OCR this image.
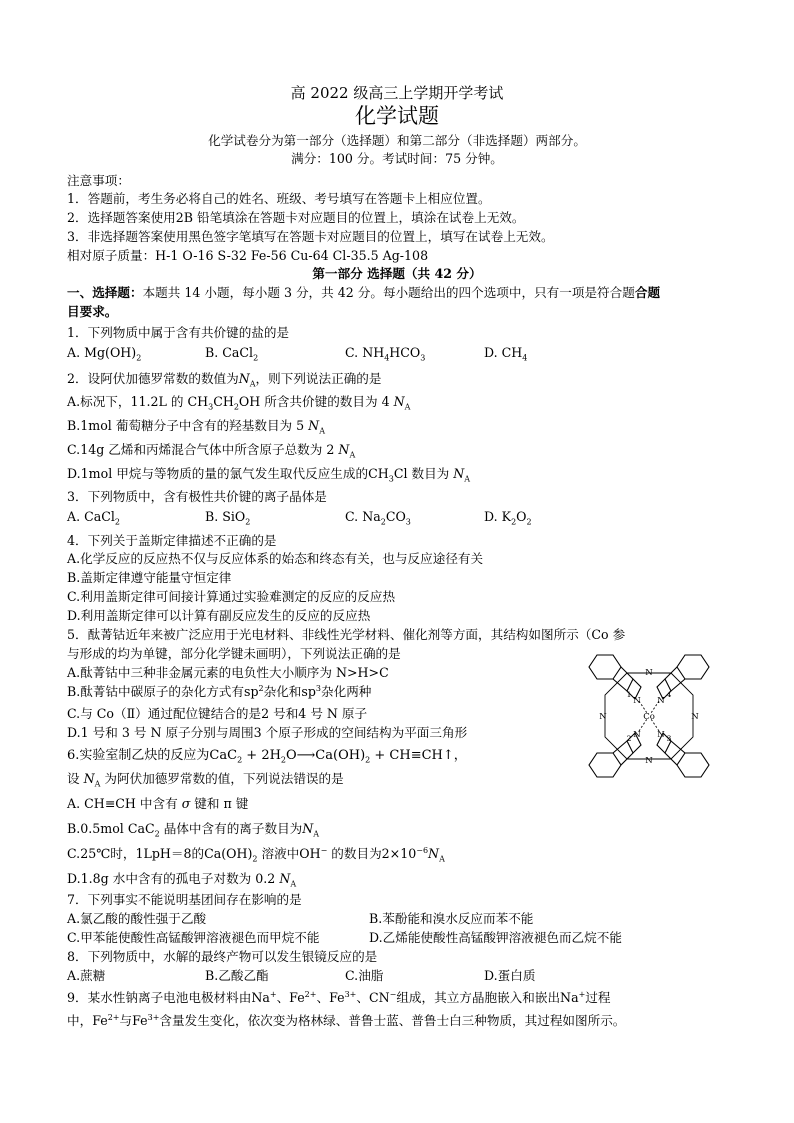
高 2022 级高三上学期开学考试
化学试题
化学试卷分为第一部分（选择题）和第二部分（非选择题）两部分。
满分：100 分。考试时间：75 分钟。
注意事项：
1．答题前，考生务必将自己的姓名、班级、考号填写在答题卡上相应位置。
2．选择题答案使用2B 铅笔填涂在答题卡对应题目的位置上，填涂在试卷上无效。
3．非选择题答案使用黑色签字笔填写在答题卡对应题目的位置上，填写在试卷上无效。
相对原子质量：H-1 O-16 S-32 Fe-56 Cu-64 Cl-35.5 Ag-108
第一部分 选择题（共 42 分）
一、选择题：本题共 14 小题，每小题 3 分，共 42 分。每小题给出的四个选项中，只有一项是符合题合题
目要求。
1．下列物质中属于含有共价键的盐的是
A. $Mg(OH)_2$	B. CaCl$_2$	C. $NH_4HCO_3$	D. $CH_4$
2．设阿伏加德罗常数的数值为$N_A$，则下列说法正确的是
A.标况下，11.2L 的 $CH_3CH_2OH$ 所含共价键的数目为 4 $N_A$
B.1mol 葡萄糖分子中含有的羟基数目为 5 $N_A$
C.14g 乙烯和丙烯混合气体中所含原子总数为 2 $N_A$
D.1mol 甲烷与等物质的量的氯气发生取代反应生成的$CH_3Cl$ 数目为 $N_A$
3．下列物质中，含有极性共价键的离子晶体是
A. CaCl$_2$	B. SiO$_2$	C. $Na_2CO_3$	D. $K_2O_2$
4．下列关于盖斯定律描述不正确的是
A.化学反应的反应热不仅与反应体系的始态和终态有关，也与反应途径有关
B.盖斯定律遵守能量守恒定律
C.利用盖斯定律可间接计算通过实验难测定的反应的反应热
D.利用盖斯定律可以计算有副反应发生的反应的反应热
5．酞菁钴近年来被广泛应用于光电材料、非线性光学材料、催化剂等方面，其结构如图所示（Co 参
与形成的均为单键，部分化学键未画明），下列说法正确的是
A.酞菁钴中三种非金属元素的电负性大小顺序为 N>H>C
B.酞菁钴中碳原子的杂化方式有$sp^2$杂化和$sp^3$杂化两种
C.与 Co（Ⅱ）通过配位键结合的是2 号和4 号 N 原子
D.1 号和 3 号 N 原子分别与周围3 个原子形成的空间结构为平面三角形
Co
N N
N N
N
N
N	N
1	4
2	3
6.实验室制乙炔的反应为$CaC_2 + 2H_2O⟶Ca(OH)_2$ + CH≡CH↑，
设 $N_A$ 为阿伏加德罗常数的值，下列说法错误的是
A. CH≡CH 中含有 σ 键和 π 键
B.0.5mol CaC$_2$ 晶体中含有的离子数目为$N_A$
C.25℃时，1LpH＝8的$Ca(OH)_2$ 溶液中OH− 的数目为$2\times 10^{-6}N_A$
D.1.8g 水中含有的孤电子对数为 0.2 $N_A$
7．下列事实不能说明基团间存在影响的是
A.氯乙酸的酸性强于乙酸	B.苯酚能和溴水反应而苯不能
C.甲苯能使酸性高锰酸钾溶液褪色而甲烷不能	D.乙烯能使酸性高锰酸钾溶液褪色而乙烷不能
8．下列物质中，水解的最终产物可以发生银镜反应的是
A.蔗糖	B.乙酸乙酯	C.油脂	D.蛋白质
9．某水性钠离子电池电极材料由Na+、$Fe^{2+}$、$Fe^{3+}$、CN−组成，其立方晶胞嵌入和嵌出Na+过程
中，$Fe^{2+}$与$Fe^{3+}$含量发生变化，依次变为格林绿、普鲁士蓝、普鲁士白三种物质，其过程如图所示。
